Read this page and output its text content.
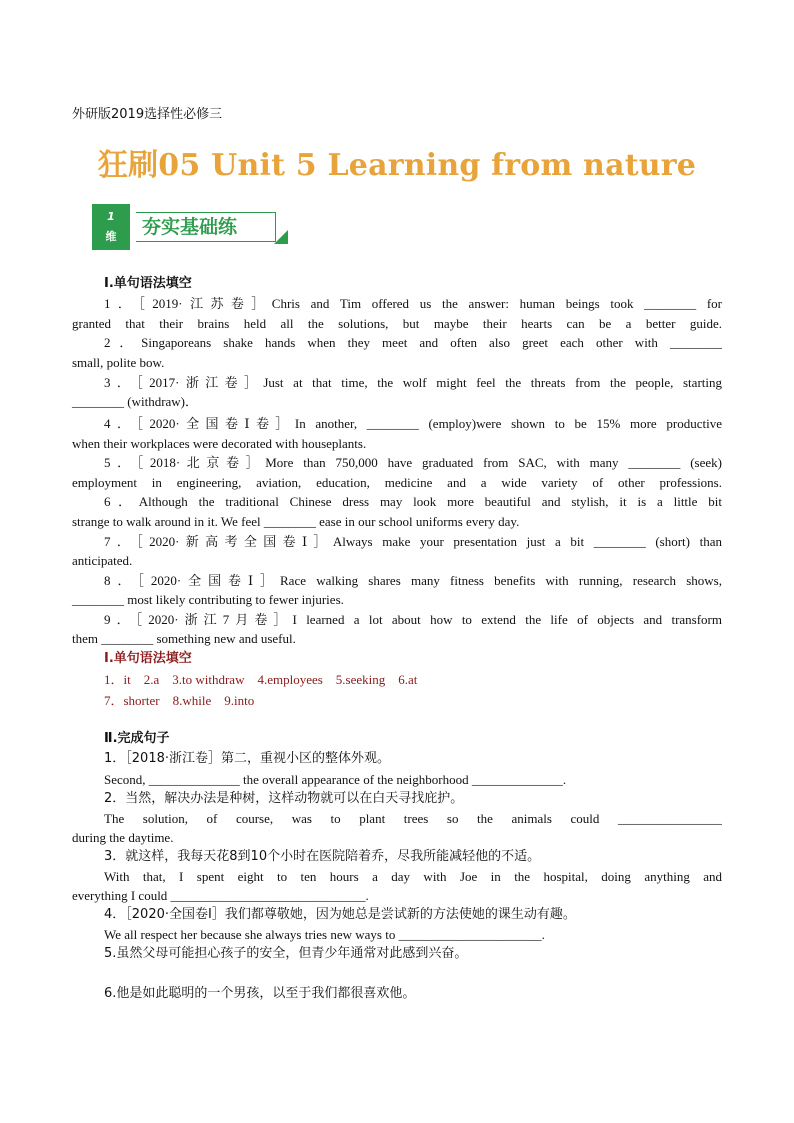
外研版2019选择性必修三
狂刷05 Unit 5 Learning from nature
1
维	夯实基础练
Ⅰ.单句语法填空
1．［2019·江苏卷］Chris and Tim offered us the answer: human beings took ________ for
granted that their brains held all the solutions, but maybe their hearts can be a better guide.
2．Singaporeans shake hands when they meet and often also greet each other with ________
small, polite bow.
3．［2017·浙江卷］Just at that time, the wolf might feel the threats from the people, starting
________ (withdraw)．
4．［2020·全国卷Ⅰ卷］In another, ________ (employ)were shown to be 15% more productive
when their workplaces were decorated with houseplants.
5．［2018·北京卷］More than 750,000 have graduated from SAC, with many ________ (seek)
employment in engineering, aviation, education, medicine and a wide variety of other professions.
6．Although the traditional Chinese dress may look more beautiful and stylish, it is a little bit
strange to walk around in it. We feel ________ ease in our school uniforms every day.
7．［2020·新高考全国卷Ⅰ］Always make your presentation just a bit ________ (short) than
anticipated.
8．［2020·全国卷Ⅰ］Race walking shares many fitness benefits with running, research shows,
________ most likely contributing to fewer injuries.
9．［2020·浙江7月卷］I learned a lot about how to extend the life of objects and transform
them ________ something new and useful.
Ⅰ.单句语法填空
1．it　2.a　3.to withdraw　4.employees　5.seeking　6.at
7．shorter　8.while　9.into
Ⅱ.完成句子
1．［2018·浙江卷］第二，重视小区的整体外观。
Second, ______________ the overall appearance of the neighborhood ______________.
2．当然，解决办法是种树，这样动物就可以在白天寻找庇护。
The solution, of course, was to plant trees so the animals could ________________
during the daytime.
3．就这样，我每天花8到10个小时在医院陪着乔，尽我所能减轻他的不适。
With that, I spent eight to ten hours a day with Joe in the hospital, doing anything and
everything I could ______________________________.
4．［2020·全国卷Ⅰ］我们都尊敬她，因为她总是尝试新的方法使她的课生动有趣。
We all respect her because she always tries new ways to ______________________.
5.虽然父母可能担心孩子的安全，但青少年通常对此感到兴奋。
6.他是如此聪明的一个男孩，以至于我们都很喜欢他。
